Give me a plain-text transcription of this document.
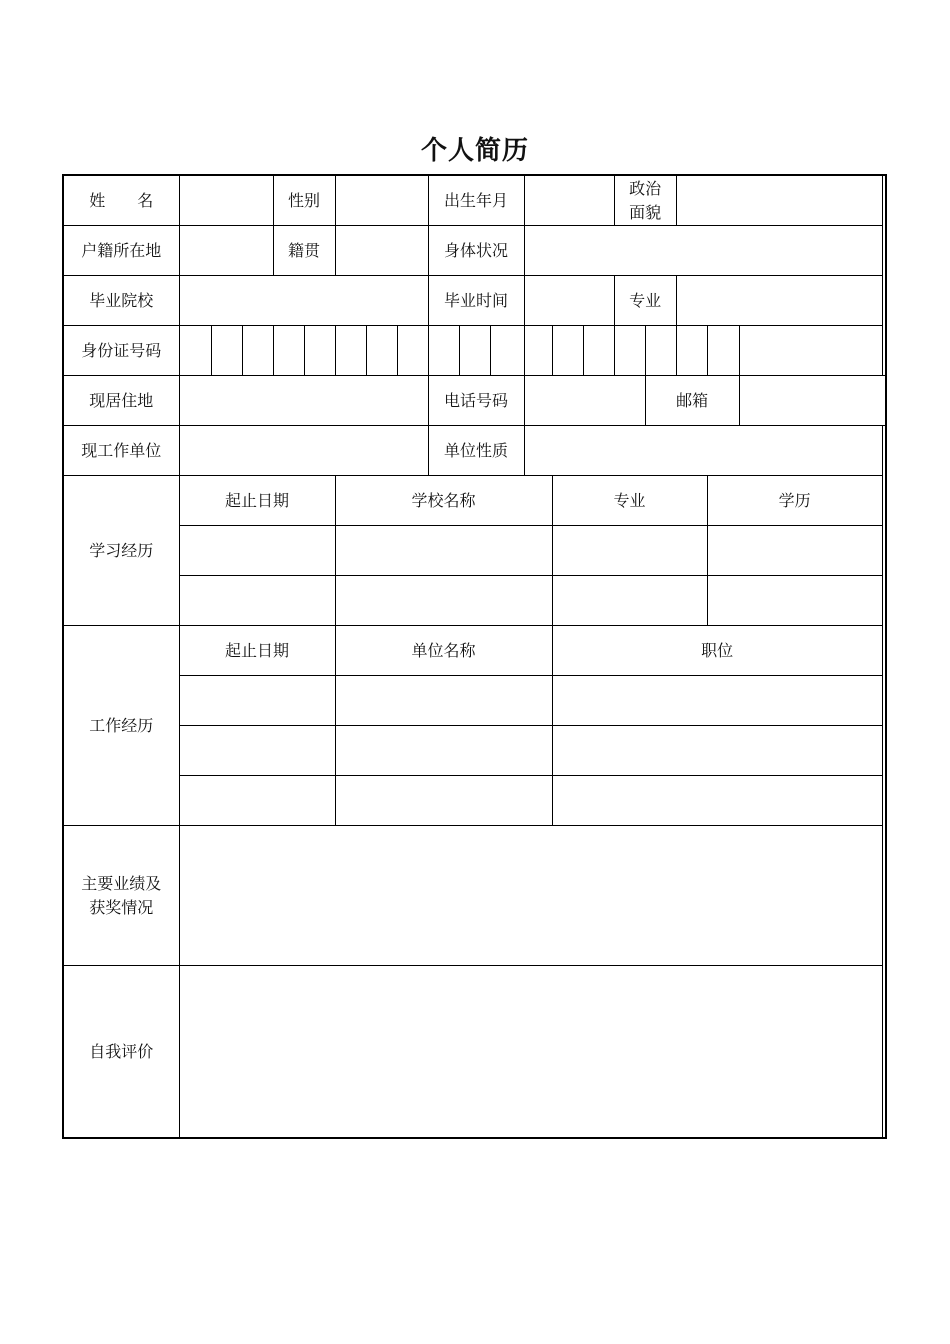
个人简历
姓　　名				性别					出生年月						政治
面貌					
户籍所在地				籍贯					身体状况											
毕业院校									毕业时间						专业					
身份证号码																				
现居住地									电话号码							邮箱				
现工作单位									单位性质											
学习经历	起止日期					学校名称							专业					学历		

工作经历	起止日期					单位名称							职位							

主要业绩及
获奖情况																				
自我评价																				
